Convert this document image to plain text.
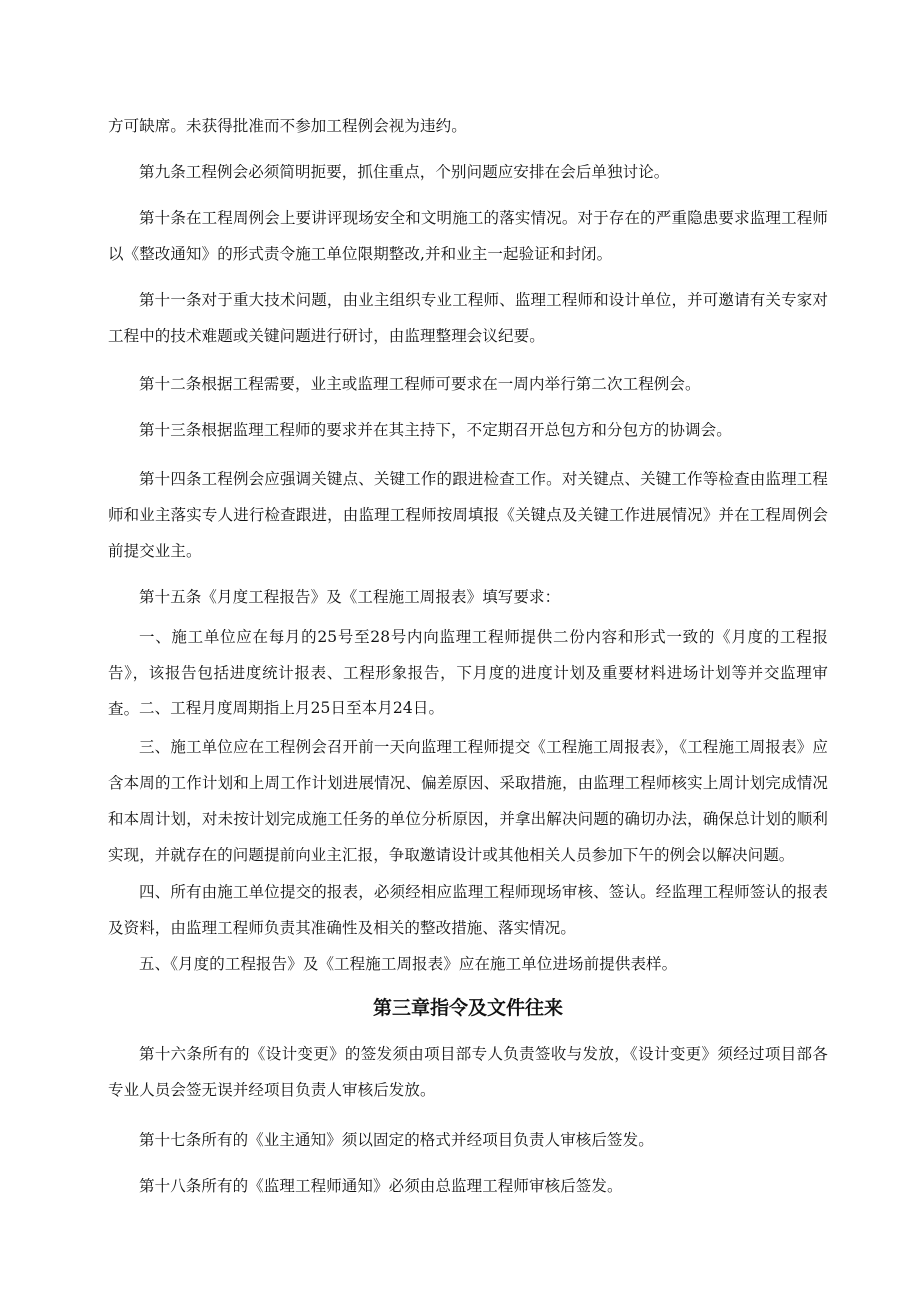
方可缺席。未获得批准而不参加工程例会视为违约。

第九条工程例会必须简明扼要，抓住重点，个别问题应安排在会后单独讨论。

第十条在工程周例会上要讲评现场安全和文明施工的落实情况。对于存在的严重隐患要求监理工程师以《整改通知》的形式责令施工单位限期整改,并和业主一起验证和封闭。

第十一条对于重大技术问题，由业主组织专业工程师、监理工程师和设计单位，并可邀请有关专家对工程中的技术难题或关键问题进行研讨，由监理整理会议纪要。

第十二条根据工程需要，业主或监理工程师可要求在一周内举行第二次工程例会。

第十三条根据监理工程师的要求并在其主持下，不定期召开总包方和分包方的协调会。

第十四条工程例会应强调关键点、关键工作的跟进检查工作。对关键点、关键工作等检查由监理工程师和业主落实专人进行检查跟进，由监理工程师按周填报《关键点及关键工作进展情况》并在工程周例会前提交业主。

第十五条《月度工程报告》及《工程施工周报表》填写要求：

一、施工单位应在每月的25号至28号内向监理工程师提供二份内容和形式一致的《月度的工程报告》，该报告包括进度统计报表、工程形象报告，下月度的进度计划及重要材料进场计划等并交监理审查。 二、工程月度周期指上月25日至本月24日。

三、施工单位应在工程例会召开前一天向监理工程师提交《工程施工周报表》，《工程施工周报表》应含本周的工作计划和上周工作计划进展情况、偏差原因、采取措施，由监理工程师核实上周计划完成情况和本周计划，对未按计划完成施工任务的单位分析原因，并拿出解决问题的确切办法，确保总计划的顺利实现，并就存在的问题提前向业主汇报，争取邀请设计或其他相关人员参加下午的例会以解决问题。

四、所有由施工单位提交的报表，必须经相应监理工程师现场审核、签认。经监理工程师签认的报表及资料，由监理工程师负责其准确性及相关的整改措施、落实情况。

五、《月度的工程报告》及《工程施工周报表》应在施工单位进场前提供表样。

第三章指令及文件往来

第十六条所有的《设计变更》的签发须由项目部专人负责签收与发放，《设计变更》须经过项目部各专业人员会签无误并经项目负责人审核后发放。

第十七条所有的《业主通知》须以固定的格式并经项目负责人审核后签发。

第十八条所有的《监理工程师通知》必须由总监理工程师审核后签发。
